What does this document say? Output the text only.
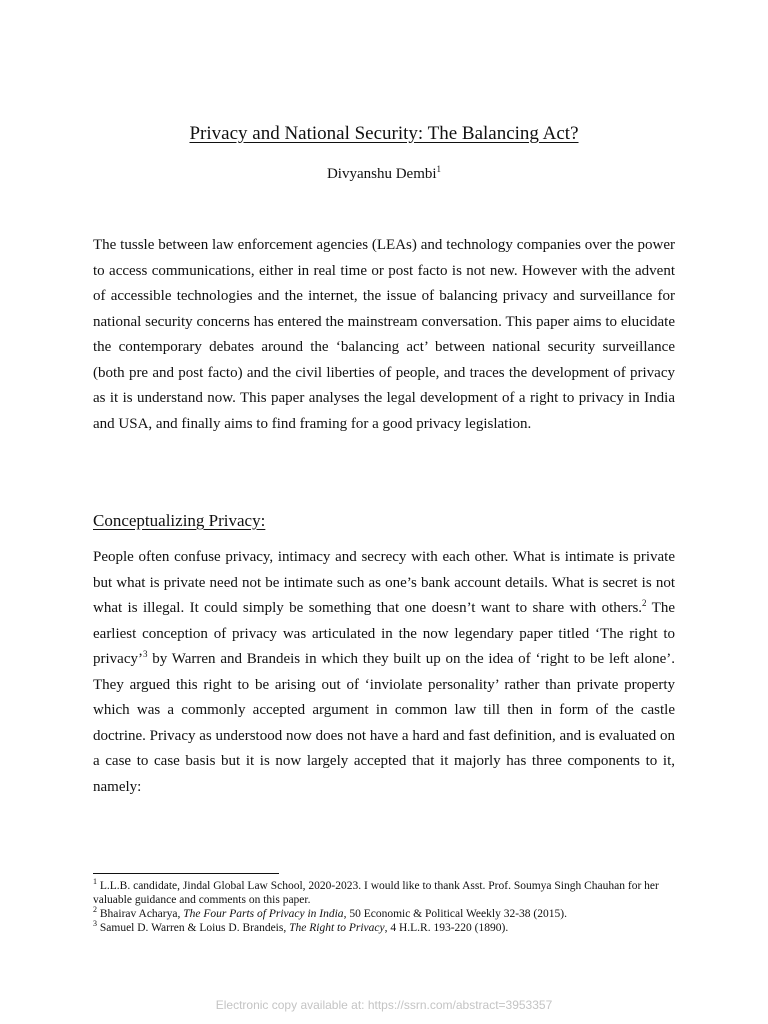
Privacy and National Security: The Balancing Act?
Divyanshu Dembi$^1$

The tussle between law enforcement agencies (LEAs) and technology companies over the power to access communications, either in real time or post facto is not new. However with the advent of accessible technologies and the internet, the issue of balancing privacy and surveillance for national security concerns has entered the mainstream conversation. This paper aims to elucidate the contemporary debates around the ‘balancing act’ between national security surveillance (both pre and post facto) and the civil liberties of people, and traces the development of privacy as it is understand now. This paper analyses the legal development of a right to privacy in India and USA, and finally aims to find framing for a good privacy legislation.

Conceptualizing Privacy:

People often confuse privacy, intimacy and secrecy with each other. What is intimate is private but what is private need not be intimate such as one’s bank account details. What is secret is not what is illegal. It could simply be something that one doesn’t want to share with others.$^2$ The earliest conception of privacy was articulated in the now legendary paper titled ‘The right to privacy’$^3$ by Warren and Brandeis in which they built up on the idea of ‘right to be left alone’. They argued this right to be arising out of ‘inviolate personality’ rather than private property which was a commonly accepted argument in common law till then in form of the castle doctrine. Privacy as understood now does not have a hard and fast definition, and is evaluated on a case to case basis but it is now largely accepted that it majorly has three components to it, namely:

$^1$ L.L.B. candidate, Jindal Global Law School, 2020-2023. I would like to thank Asst. Prof. Soumya Singh Chauhan for her valuable guidance and comments on this paper.

$^2$ Bhairav Acharya, The Four Parts of Privacy in India, 50 Economic & Political Weekly 32-38 (2015).

$^3$ Samuel D. Warren & Loius D. Brandeis, The Right to Privacy, 4 H.L.R. 193-220 (1890).

Electronic copy available at: https://ssrn.com/abstract=3953357
